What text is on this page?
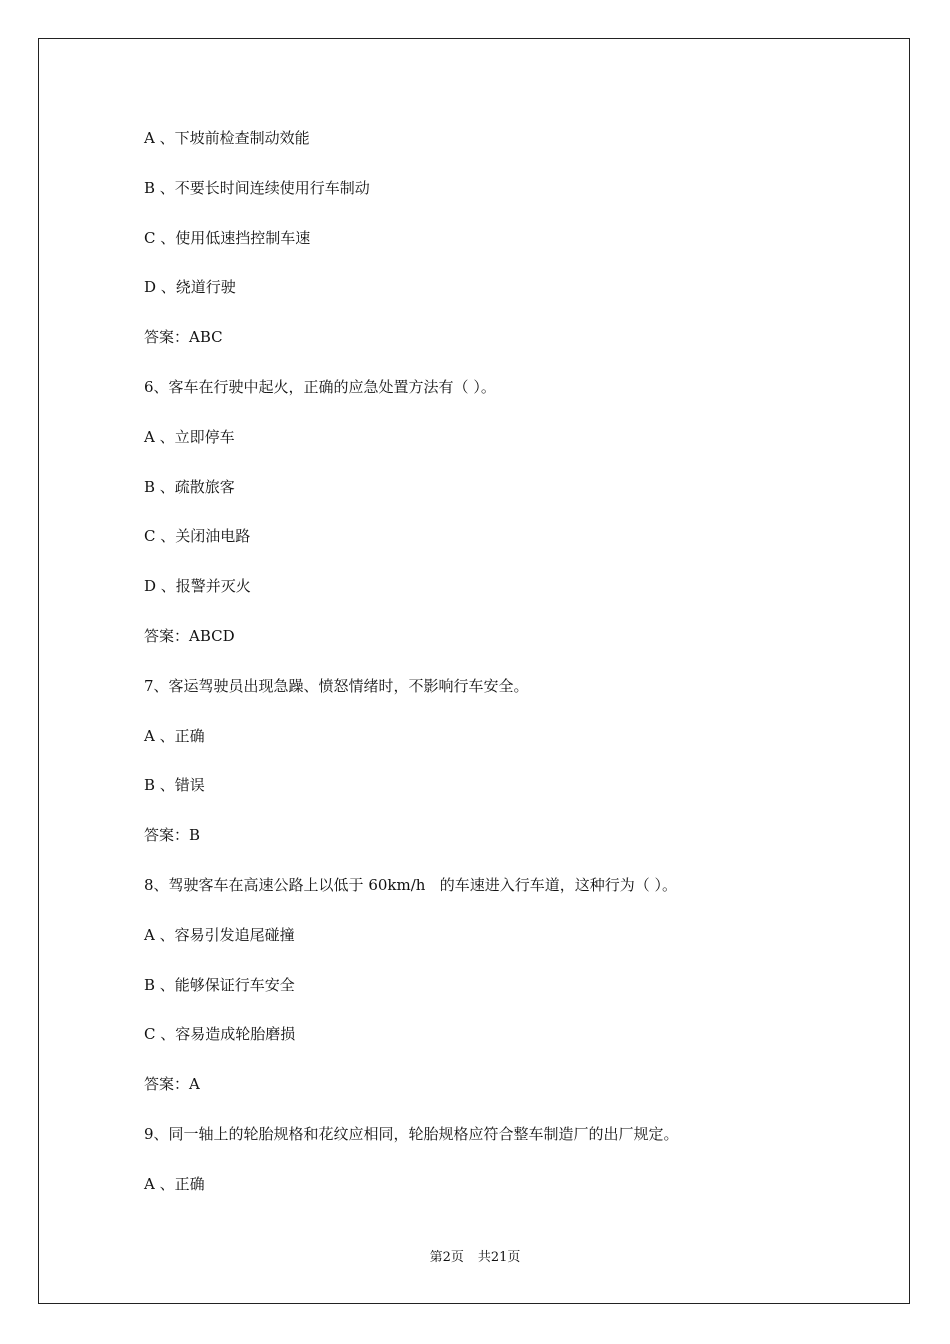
A 、下坡前检查制动效能
B 、不要长时间连续使用行车制动
C 、使用低速挡控制车速
D 、绕道行驶
答案：ABC
6、客车在行驶中起火，正确的应急处置方法有（ ）。
A 、立即停车
B 、疏散旅客
C 、关闭油电路
D 、报警并灭火
答案：ABCD
7、客运驾驶员出现急躁、愤怒情绪时，不影响行车安全。
A 、正确
B 、错误
答案：B
8、驾驶客车在高速公路上以低于 60km/h   的车速进入行车道，这种行为（ ）。
A 、容易引发追尾碰撞
B 、能够保证行车安全
C 、容易造成轮胎磨损
答案：A
9、同一轴上的轮胎规格和花纹应相同，轮胎规格应符合整车制造厂的出厂规定。
A 、正确
第2页 共21页
